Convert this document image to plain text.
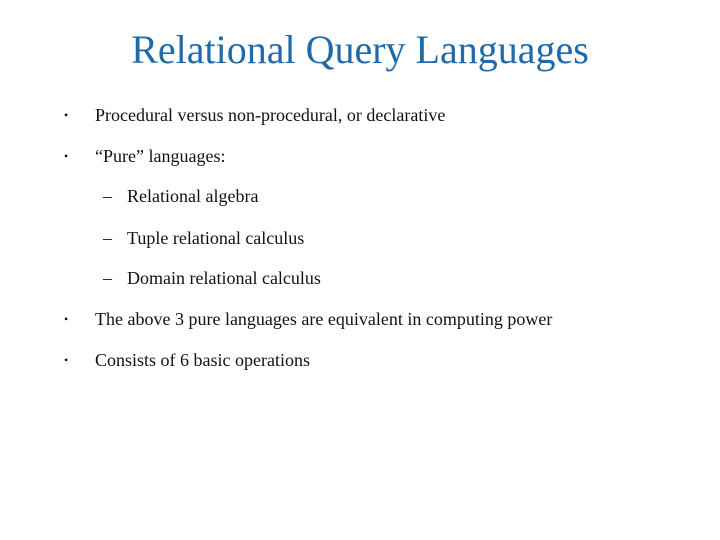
Relational Query Languages
• Procedural versus non-procedural, or declarative
• “Pure” languages:
– Relational algebra
– Tuple relational calculus
– Domain relational calculus
• The above 3 pure languages are equivalent in computing power
• Consists of 6 basic operations
